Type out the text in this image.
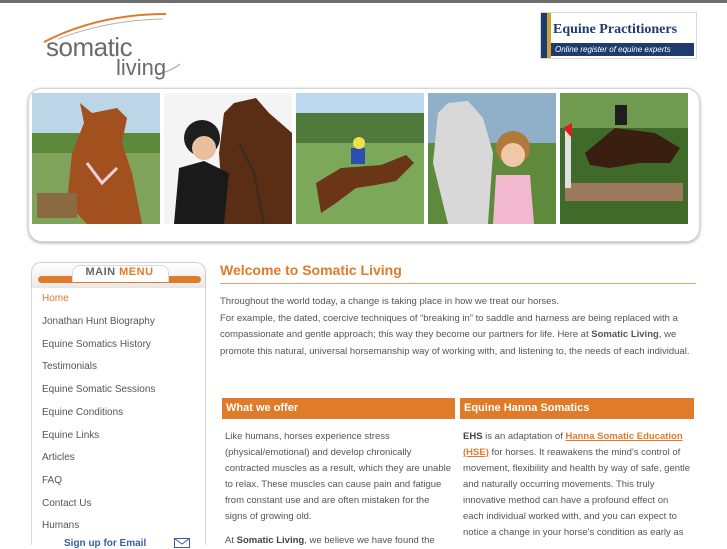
somatic
living
Equine Practitioners
Online register of equine experts
MAIN MENU
Home
Jonathan Hunt Biography
Equine Somatics History
Testimonials
Equine Somatic Sessions
Equine Conditions
Equine Links
Articles
FAQ
Contact Us
Humans
Sign up for Email
Welcome to Somatic Living
Throughout the world today, a change is taking place in how we treat our horses.
For example, the dated, coercive techniques of “breaking in” to saddle and harness are being replaced with a compassionate and gentle approach; this way they become our partners for life. Here at Somatic Living, we promote this natural, universal horsemanship way of working with, and listening to, the needs of each individual.
What we offer

Like humans, horses experience stress (physical/emotional) and develop chronically contracted muscles as a result, which they are unable to relax. These muscles can cause pain and fatigue from constant use and are often mistaken for the signs of growing old.

At Somatic Living, we believe we have found the

Equine Hanna Somatics
EHS is an adaptation of Hanna Somatic Education (HSE) for horses. It reawakens the mind's control of movement, flexibility and health by way of safe, gentle and naturally occurring movements. This truly innovative method can have a profound effect on each individual worked with, and you can expect to notice a change in your horse's condition as early as
